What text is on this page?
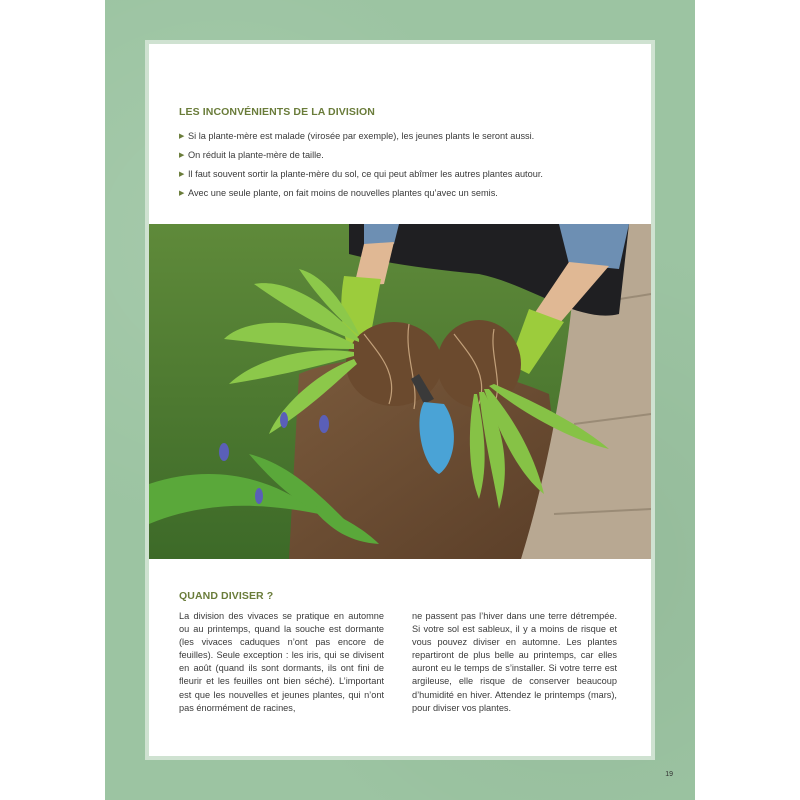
LES INCONVÉNIENTS DE LA DIVISION
▶ Si la plante-mère est malade (virosée par exemple), les jeunes plants le seront aussi.
▶ On réduit la plante-mère de taille.
▶ Il faut souvent sortir la plante-mère du sol, ce qui peut abîmer les autres plantes autour.
▶ Avec une seule plante, on fait moins de nouvelles plantes qu’avec un semis.
QUAND DIVISER ?

La division des vivaces se pratique en automne ou au printemps, quand la souche est dormante (les vivaces caduques n’ont pas encore de feuilles). Seule exception : les iris, qui se divisent en août (quand ils sont dormants, ils ont fini de fleurir et les feuilles ont bien séché). L’important est que les nouvelles et jeunes plantes, qui n’ont pas énormément de racines,

ne passent pas l’hiver dans une terre détrempée. Si votre sol est sableux, il y a moins de risque et vous pouvez diviser en automne. Les plantes repartiront de plus belle au printemps, car elles auront eu le temps de s’installer. Si votre terre est argileuse, elle risque de conserver beaucoup d’humidité en hiver. Attendez le printemps (mars), pour diviser vos plantes.

19
